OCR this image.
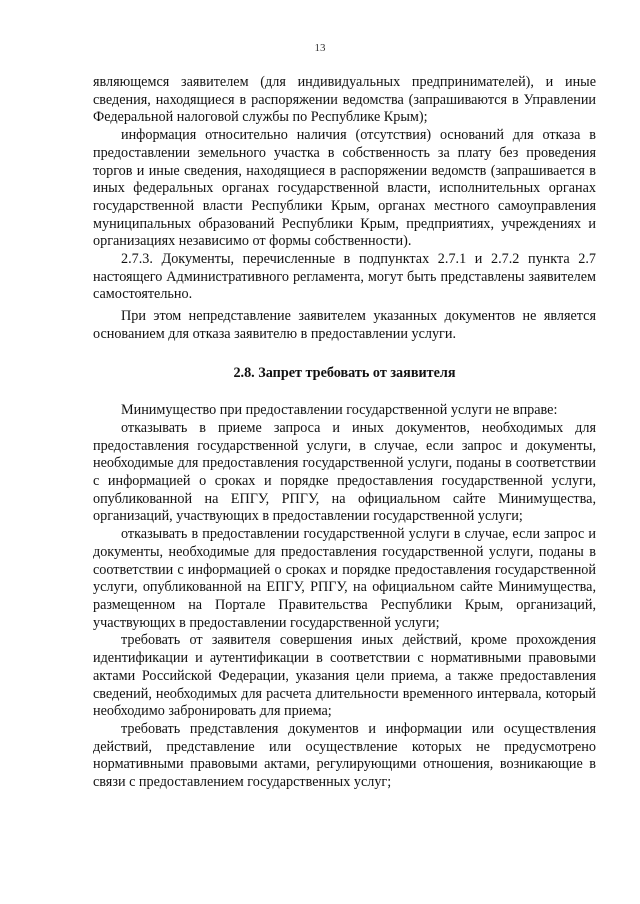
13

являющемся заявителем (для индивидуальных предпринимателей), и иные сведения, находящиеся в распоряжении ведомства (запрашиваются в Управлении Федеральной налоговой службы по Республике Крым);

информация относительно наличия (отсутствия) оснований для отказа в предоставлении земельного участка в собственность за плату без проведения торгов и иные сведения, находящиеся в распоряжении ведомств (запрашивается в иных федеральных органах государственной власти, исполнительных органах государственной власти Республики Крым, органах местного самоуправления муниципальных образований Республики Крым, предприятиях, учреждениях и организациях независимо от формы собственности).

2.7.3. Документы, перечисленные в подпунктах 2.7.1 и 2.7.2 пункта 2.7 настоящего Административного регламента, могут быть представлены заявителем самостоятельно.

При этом непредставление заявителем указанных документов не является основанием для отказа заявителю в предоставлении услуги.

2.8. Запрет требовать от заявителя

Минимущество при предоставлении государственной услуги не вправе:

отказывать в приеме запроса и иных документов, необходимых для предоставления государственной услуги, в случае, если запрос и документы, необходимые для предоставления государственной услуги, поданы в соответствии с информацией о сроках и порядке предоставления государственной услуги, опубликованной на ЕПГУ, РПГУ, на официальном сайте Минимущества, организаций, участвующих в предоставлении государственной услуги;

отказывать в предоставлении государственной услуги в случае, если запрос и документы, необходимые для предоставления государственной услуги, поданы в соответствии с информацией о сроках и порядке предоставления государственной услуги, опубликованной на ЕПГУ, РПГУ, на официальном сайте Минимущества, размещенном на Портале Правительства Республики Крым, организаций, участвующих в предоставлении государственной услуги;

требовать от заявителя совершения иных действий, кроме прохождения идентификации и аутентификации в соответствии с нормативными правовыми актами Российской Федерации, указания цели приема, а также предоставления сведений, необходимых для расчета длительности временного интервала, который необходимо забронировать для приема;

требовать представления документов и информации или осуществления действий, представление или осуществление которых не предусмотрено нормативными правовыми актами, регулирующими отношения, возникающие в связи с предоставлением государственных услуг;
